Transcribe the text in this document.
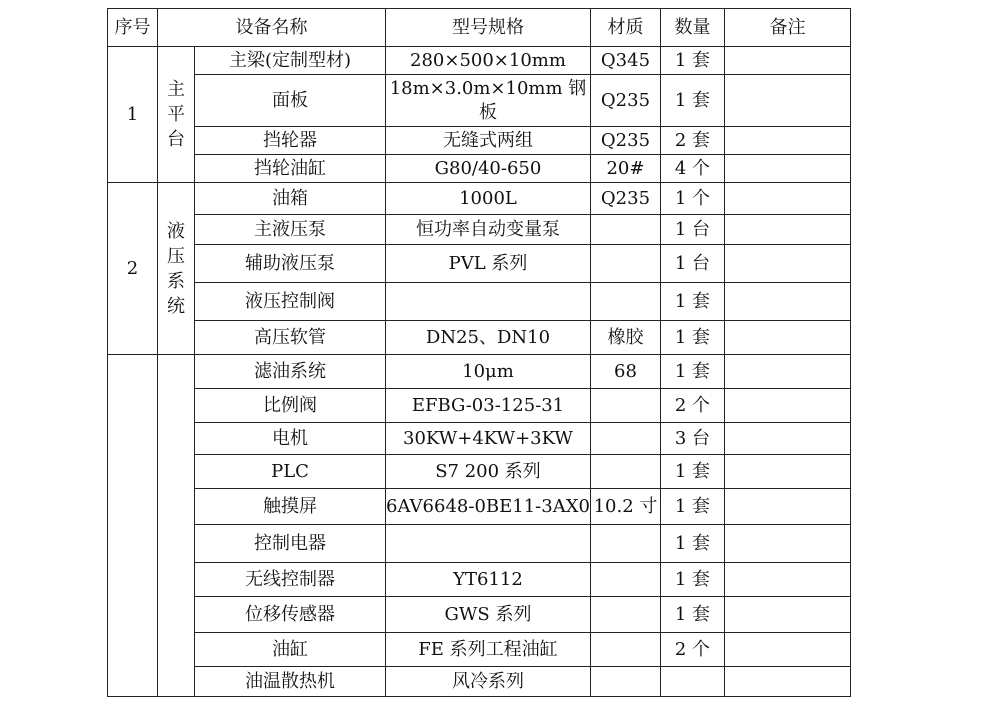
序号	设备名称		型号规格	材质	数量	备注
1	主平台	主梁(定制型材)	280×500×10mm	Q345	1 套	
		面板	18m×3.0m×10mm 钢板	Q235	1 套	
		挡轮器	无缝式两组	Q235	2 套	
		挡轮油缸	G80/40-650	20#	4 个	
2	液压系统	油箱	1000L	Q235	1 个	
		主液压泵	恒功率自动变量泵		1 台	
		辅助液压泵	PVL 系列		1 台	
		液压控制阀			1 套	
		高压软管	DN25、DN10	橡胶	1 套	
		滤油系统	10μm	68	1 套	
		比例阀	EFBG-03-125-31		2 个	
		电机	30KW+4KW+3KW		3 台	
		PLC	S7 200 系列		1 套	
		触摸屏	6AV6648-0BE11-3AX0	10.2 寸	1 套	
		控制电器			1 套	
		无线控制器	YT6112		1 套	
		位移传感器	GWS 系列		1 套	
		油缸	FE 系列工程油缸		2 个	
		油温散热机	风冷系列			
